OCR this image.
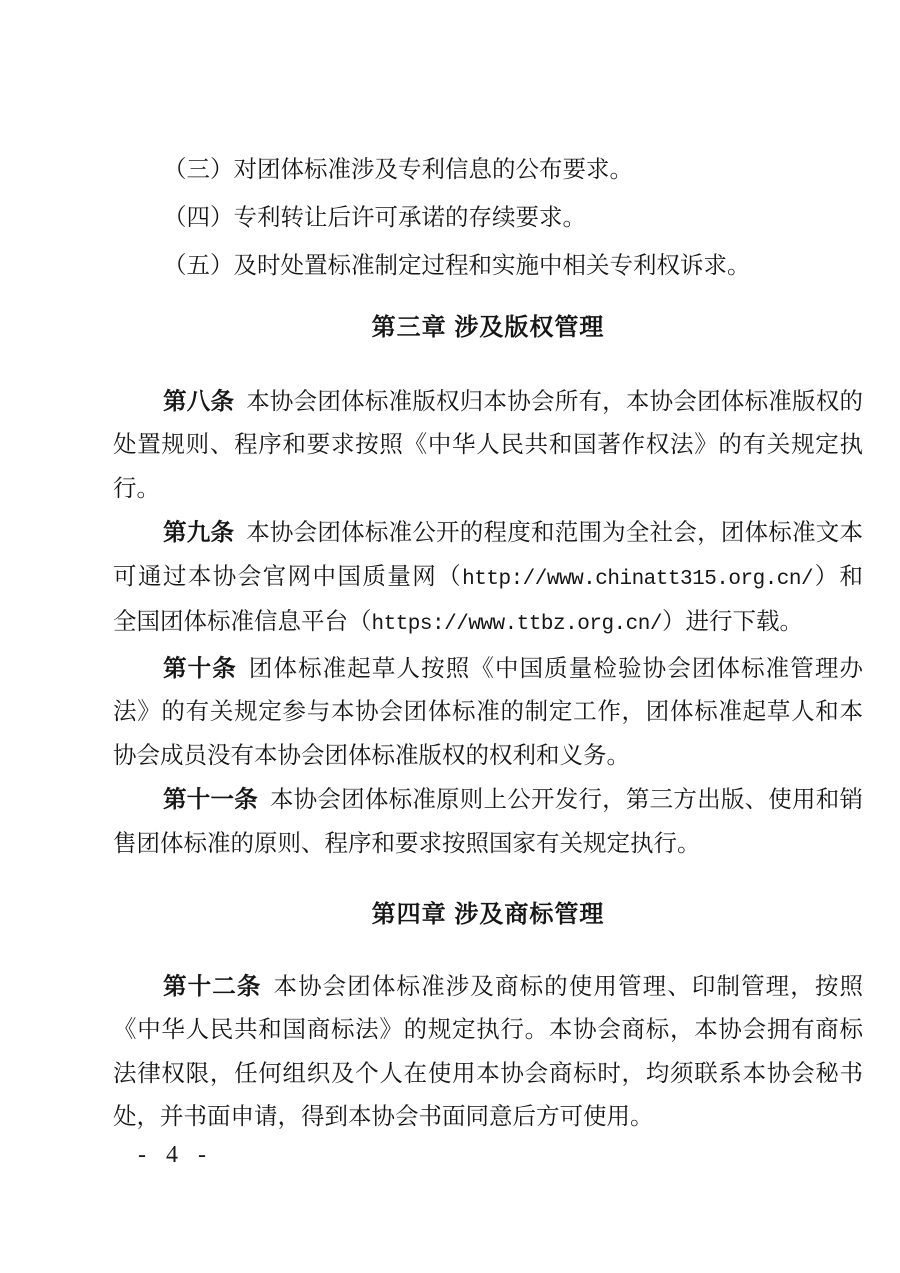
（三）对团体标准涉及专利信息的公布要求。

（四）专利转让后许可承诺的存续要求。

（五）及时处置标准制定过程和实施中相关专利权诉求。

第三章 涉及版权管理

第八条 本协会团体标准版权归本协会所有，本协会团体标准版权的处置规则、程序和要求按照《中华人民共和国著作权法》的有关规定执行。

第九条 本协会团体标准公开的程度和范围为全社会，团体标准文本可通过本协会官网中国质量网（http://www.chinatt315.org.cn/）和全国团体标准信息平台（https://www.ttbz.org.cn/）进行下载。

第十条 团体标准起草人按照《中国质量检验协会团体标准管理办法》的有关规定参与本协会团体标准的制定工作，团体标准起草人和本协会成员没有本协会团体标准版权的权利和义务。

第十一条 本协会团体标准原则上公开发行，第三方出版、使用和销售团体标准的原则、程序和要求按照国家有关规定执行。

第四章 涉及商标管理

第十二条 本协会团体标准涉及商标的使用管理、印制管理，按照《中华人民共和国商标法》的规定执行。本协会商标，本协会拥有商标法律权限，任何组织及个人在使用本协会商标时，均须联系本协会秘书处，并书面申请，得到本协会书面同意后方可使用。

- 4 -
